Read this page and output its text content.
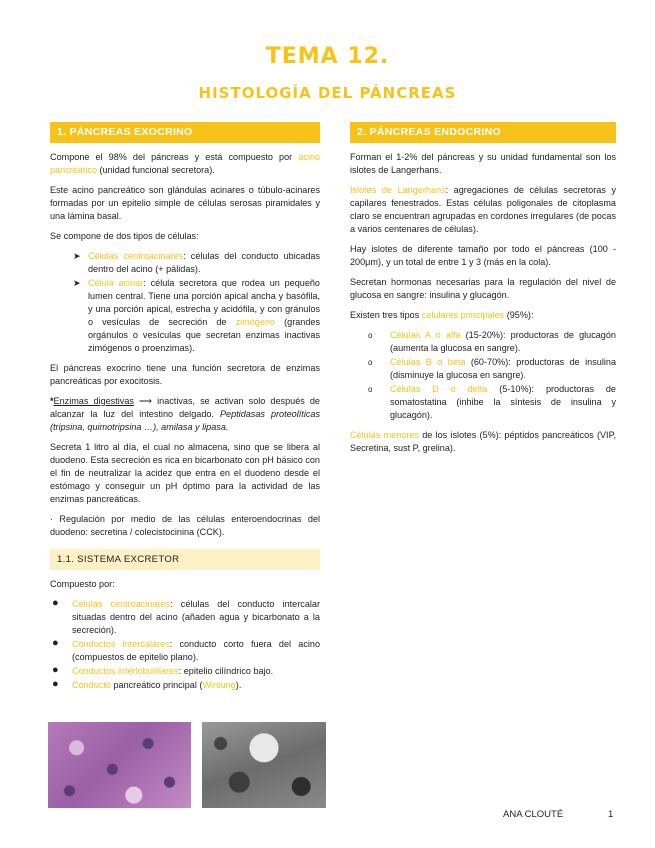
TEMA 12.
HISTOLOGÍA DEL PÁNCREAS
1. PÁNCREAS EXOCRINO

Compone el 98% del páncreas y está compuesto por acino pancreático (unidad funcional secretora).

Este acino pancreático son glándulas acinares o túbulo-acinares formadas por un epitelio simple de células serosas piramidales y una lámina basal.

Se compone de dos tipos de células:

➤ Células centroacinares: células del conducto ubicadas dentro del acino (+ pálidas).
➤ Célula acinar: célula secretora que rodea un pequeño lumen central. Tiene una porción apical ancha y basófila, y una porción apical, estrecha y acidófila, y con gránulos o vesículas de secreción de zimógeno (grandes orgánulos o vesículas que secretan enzimas inactivas zimógenos o proenzimas).

El páncreas exocrino tiene una función secretora de enzimas pancreáticas por exocitosis.

*Enzimas digestivas ⟶ inactivas, se activan solo después de alcanzar la luz del intestino delgado. Peptidasas proteolíticas (tripsina, quimotripsina …), amilasa y lipasa.

Secreta 1 litro al día, el cual no almacena, sino que se libera al duodeno. Esta secreción es rica en bicarbonato con pH básico con el fin de neutralizar la acidez que entra en el duodeno desde el estómago y conseguir un pH óptimo para la actividad de las enzimas pancreáticas.

· Regulación por medio de las células enteroendocrinas del duodeno: secretina / colecistocinina (CCK).

1.1. SISTEMA EXCRETOR

Compuesto por:

● Células centroacinares: células del conducto intercalar situadas dentro del acino (añaden agua y bicarbonato a la secreción).
● Conductos intercalares: conducto corto fuera del acino (compuestos de epitelio plano).
● Conductos interlobulillares: epitelio cilíndrico bajo.
● Conducto pancreático principal (Wirsung).
2. PÁNCREAS ENDOCRINO

Forman el 1-2% del páncreas y su unidad fundamental son los islotes de Langerhans.

Islotes de Langerhans: agregaciones de células secretoras y capilares fenestrados. Estas células poligonales de citoplasma claro se encuentran agrupadas en cordones irregulares (de pocas a varios centenares de células).

Hay islotes de diferente tamaño por todo el páncreas (100 - 200μm), y un total de entre 1 y 3 (más en la cola).

Secretan hormonas necesarias para la regulación del nivel de glucosa en sangre: insulina y glucagón.

Existen tres tipos celulares principales (95%):

o Células A o alfa (15-20%): productoras de glucagón (aumenta la glucosa en sangre).
o Células B o beta (60-70%): productoras de insulina (disminuye la glucosa en sangre).
o Células D o delta (5-10%): productoras de somatostatina (inhibe la síntesis de insulina y glucagón).

Células menores de los islotes (5%): péptidos pancreáticos (VIP, Secretina, sust P, grelina).

ANA CLOUTÉ	1
